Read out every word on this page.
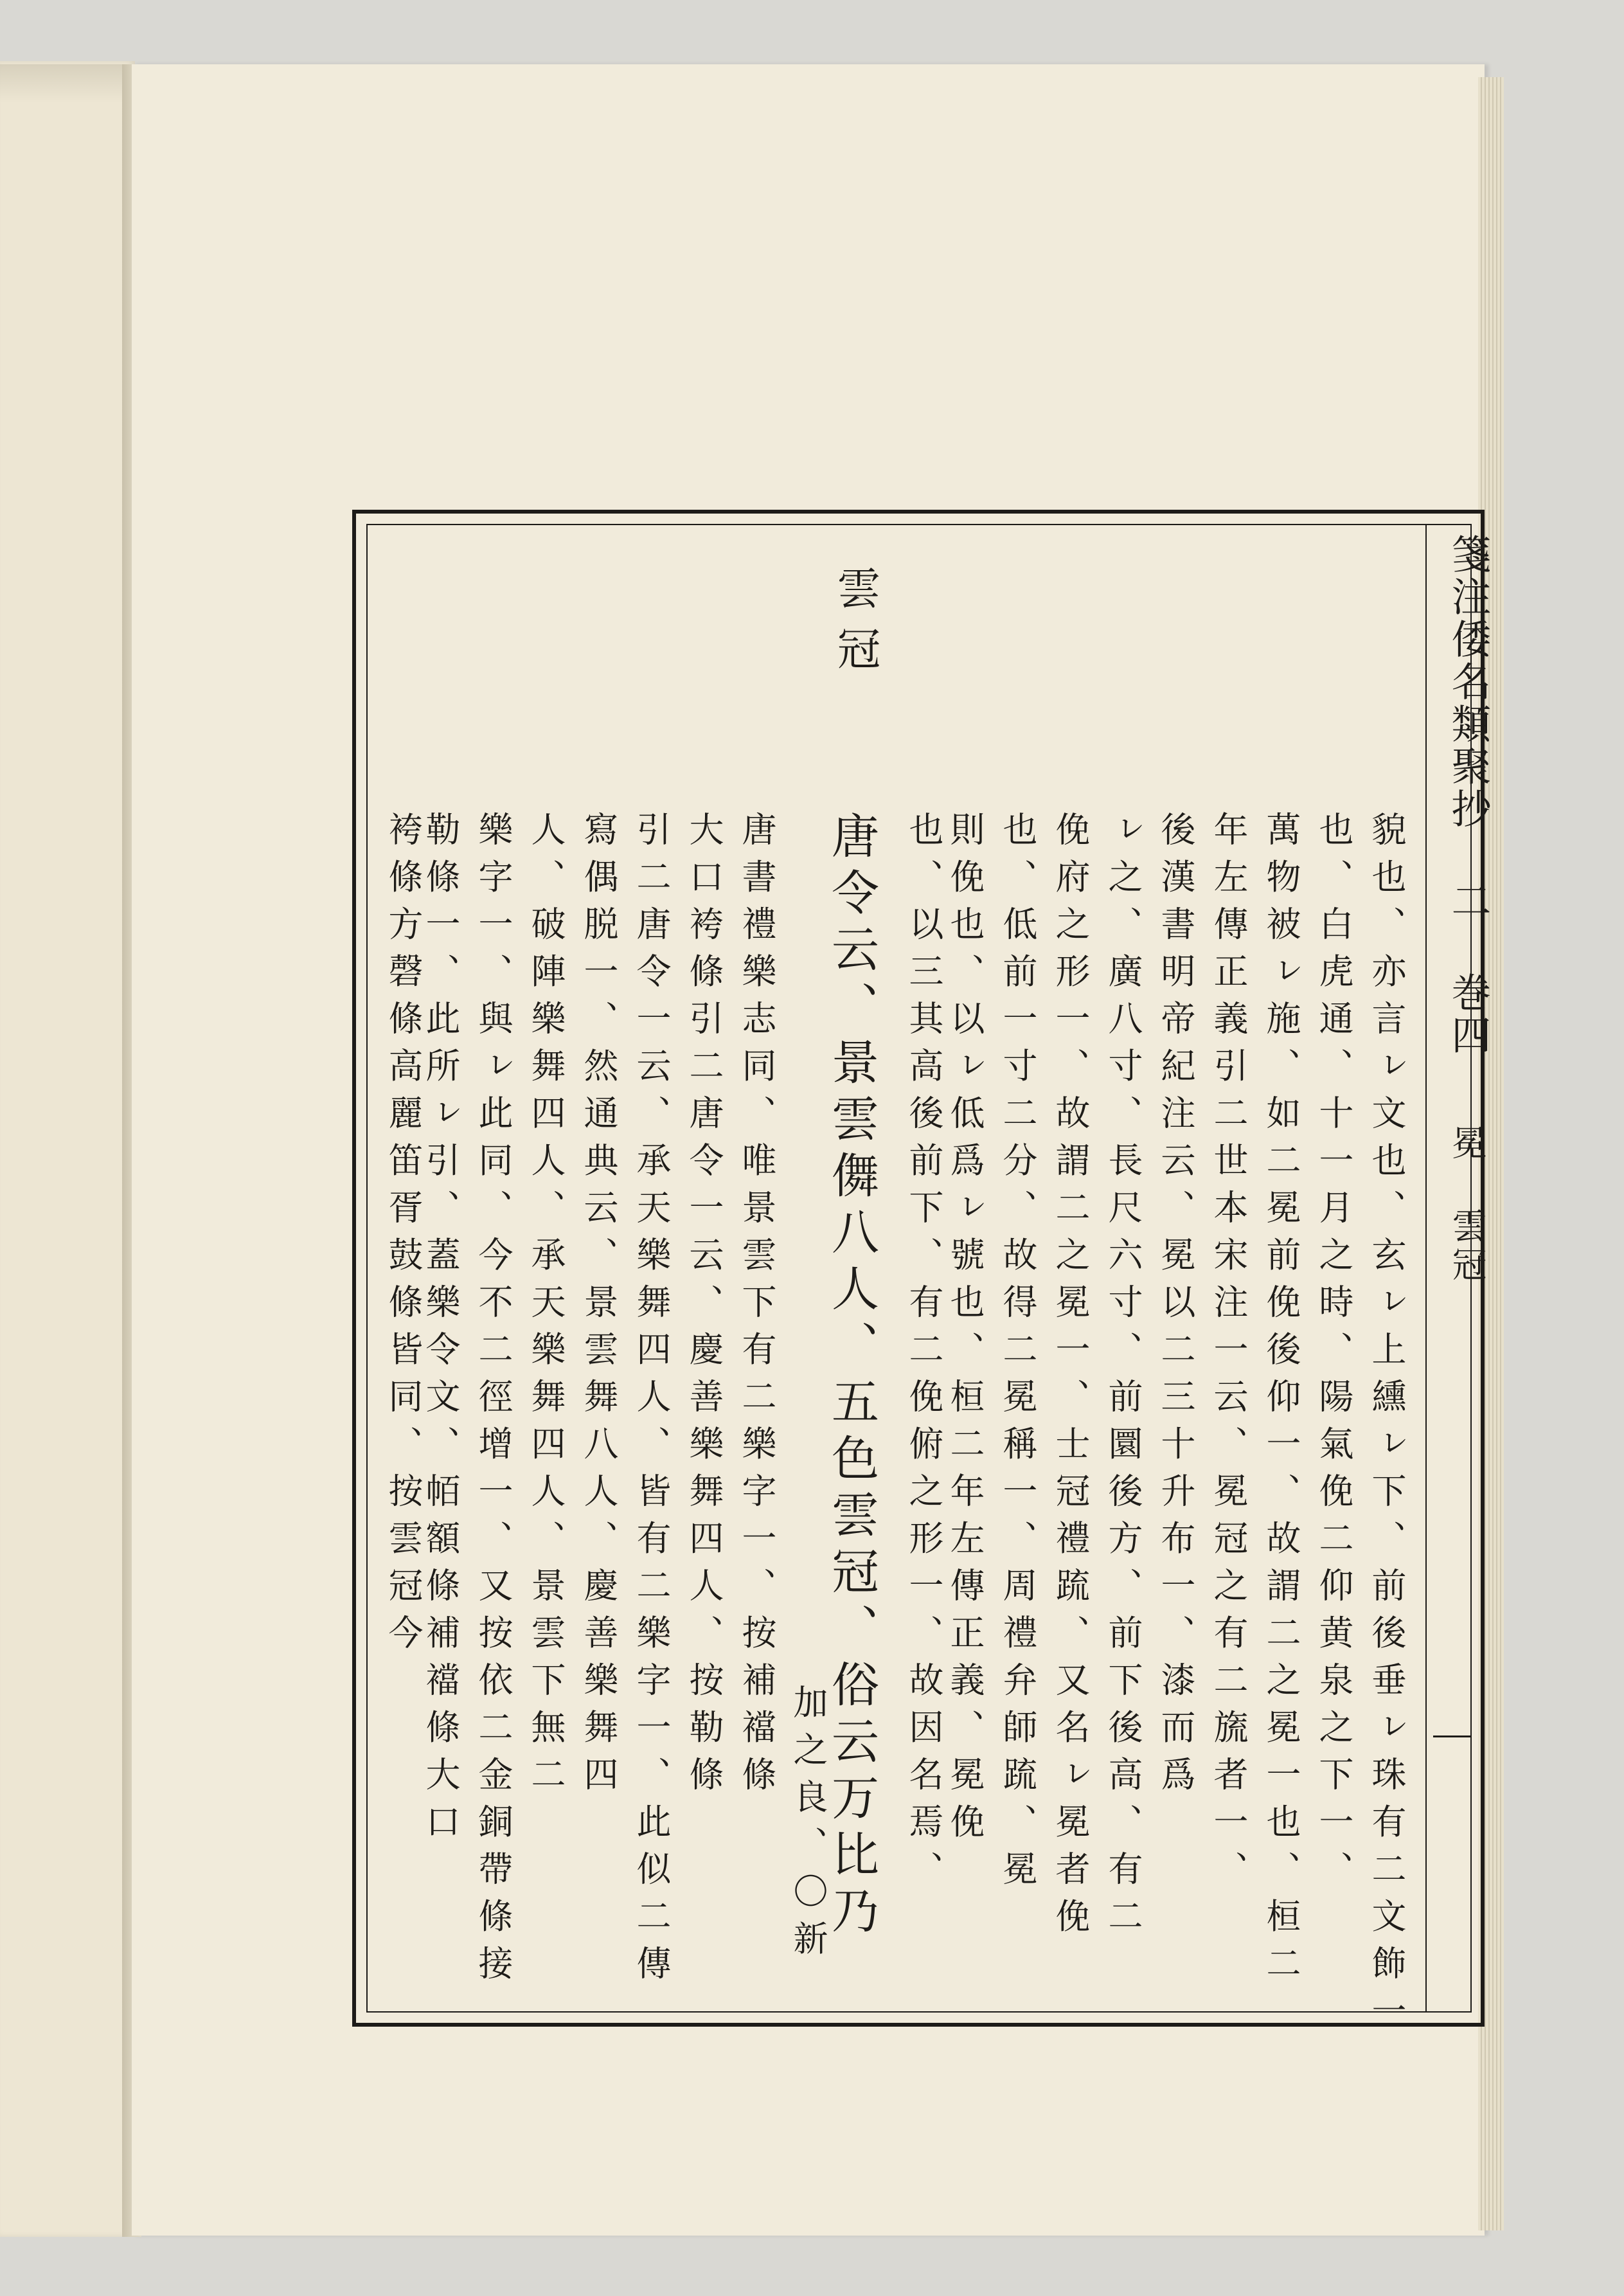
箋注倭名類聚抄 二 巻四
冕 雲冠
雲冠
貌也、亦言ㇾ文也、玄ㇾ上纁ㇾ下、前後垂ㇾ珠有二文飾一
也、白虎通、十一月之時、陽氣俛二仰黄泉之下一、
萬物被ㇾ施、如二冕前俛後仰一、故謂二之冕一也、桓二
年左傳正義引二世本宋注一云、冕冠之有二旒者一、
後漢書明帝紀注云、冕以二三十升布一、漆而爲
ㇾ之、廣八寸、長尺六寸、前圜後方、前下後高、有二
俛府之形一、故謂二之冕一、士冠禮䟽、又名ㇾ冕者俛
也、低前一寸二分、故得二冕稱一、周禮弁師䟽、冕
則俛也、以ㇾ低爲ㇾ號也、桓二年左傳正義、冕俛
也、以三其高後前下、有二俛俯之形一、故因名焉、
唐令云、景雲儛八人、五色雲冠、俗云万比乃
加之良、〇新
唐書禮樂志同、唯景雲下有二樂字一、按補襠條
大口袴條引二唐令一云、慶善樂舞四人、按勒條
引二唐令一云、承天樂舞四人、皆有二樂字一、此似二傳
寫偶脱一、然通典云、景雲舞八人、慶善樂舞四
人、破陣樂舞四人、承天樂舞四人、景雲下無二
樂字一、與ㇾ此同、今不二徑增一、又按依二金銅帶條接
勒條一、此所ㇾ引、蓋樂令文、帞額條補襠條大口
袴條方磬條高麗笛胥鼓條皆同、按雲冠今
